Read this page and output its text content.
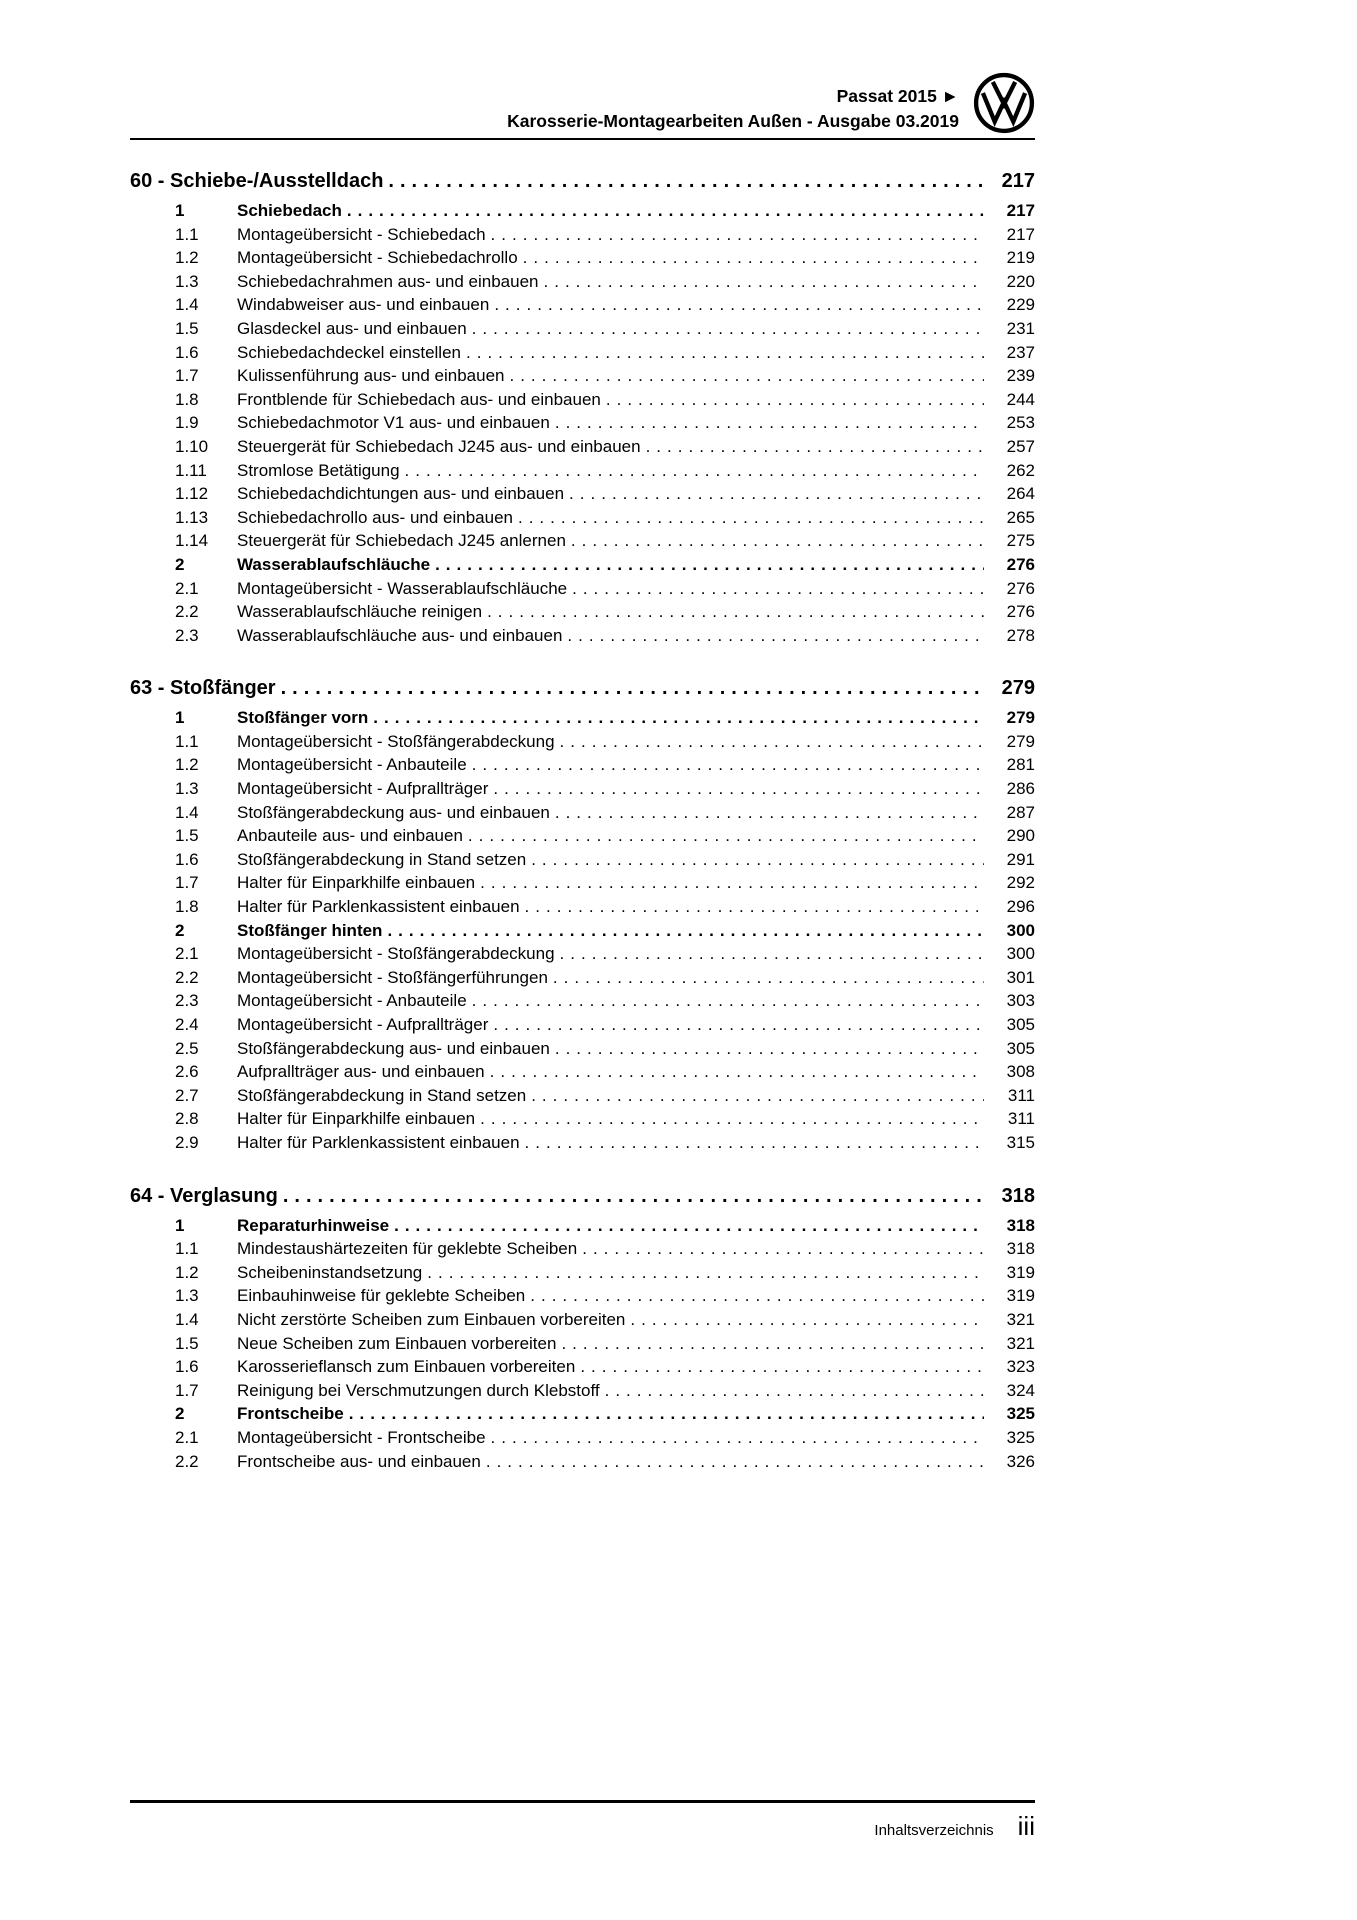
Passat 2015 ►
Karosserie-Montagearbeiten Außen - Ausgabe 03.2019
60 - Schiebe-/Ausstelldach .....	217
1	Schiebedach .....	217
1.1	Montageübersicht - Schiebedach .....	217
1.2	Montageübersicht - Schiebedachrollo .....	219
1.3	Schiebedachrahmen aus- und einbauen .....	220
1.4	Windabweiser aus- und einbauen .....	229
1.5	Glasdeckel aus- und einbauen .....	231
1.6	Schiebedachdeckel einstellen .....	237
1.7	Kulissenführung aus- und einbauen .....	239
1.8	Frontblende für Schiebedach aus- und einbauen .....	244
1.9	Schiebedachmotor V1 aus- und einbauen .....	253
1.10	Steuergerät für Schiebedach J245 aus- und einbauen .....	257
1.11	Stromlose Betätigung .....	262
1.12	Schiebedachdichtungen aus- und einbauen .....	264
1.13	Schiebedachrollo aus- und einbauen .....	265
1.14	Steuergerät für Schiebedach J245 anlernen .....	275
2	Wasserablaufschläuche .....	276
2.1	Montageübersicht - Wasserablaufschläuche .....	276
2.2	Wasserablaufschläuche reinigen .....	276
2.3	Wasserablaufschläuche aus- und einbauen .....	278
63 - Stoßfänger .....	279
1	Stoßfänger vorn .....	279
1.1	Montageübersicht - Stoßfängerabdeckung .....	279
1.2	Montageübersicht - Anbauteile .....	281
1.3	Montageübersicht - Aufprallträger .....	286
1.4	Stoßfängerabdeckung aus- und einbauen .....	287
1.5	Anbauteile aus- und einbauen .....	290
1.6	Stoßfängerabdeckung in Stand setzen .....	291
1.7	Halter für Einparkhilfe einbauen .....	292
1.8	Halter für Parklenkassistent einbauen .....	296
2	Stoßfänger hinten .....	300
2.1	Montageübersicht - Stoßfängerabdeckung .....	300
2.2	Montageübersicht - Stoßfängerführungen .....	301
2.3	Montageübersicht - Anbauteile .....	303
2.4	Montageübersicht - Aufprallträger .....	305
2.5	Stoßfängerabdeckung aus- und einbauen .....	305
2.6	Aufprallträger aus- und einbauen .....	308
2.7	Stoßfängerabdeckung in Stand setzen .....	311
2.8	Halter für Einparkhilfe einbauen .....	311
2.9	Halter für Parklenkassistent einbauen .....	315
64 - Verglasung .....	318
1	Reparaturhinweise .....	318
1.1	Mindestaushärtezeiten für geklebte Scheiben .....	318
1.2	Scheibeninstandsetzung .....	319
1.3	Einbauhinweise für geklebte Scheiben .....	319
1.4	Nicht zerstörte Scheiben zum Einbauen vorbereiten .....	321
1.5	Neue Scheiben zum Einbauen vorbereiten .....	321
1.6	Karosserieflansch zum Einbauen vorbereiten .....	323
1.7	Reinigung bei Verschmutzungen durch Klebstoff .....	324
2	Frontscheibe .....	325
2.1	Montageübersicht - Frontscheibe .....	325
2.2	Frontscheibe aus- und einbauen .....	326
Inhaltsverzeichnis iii
